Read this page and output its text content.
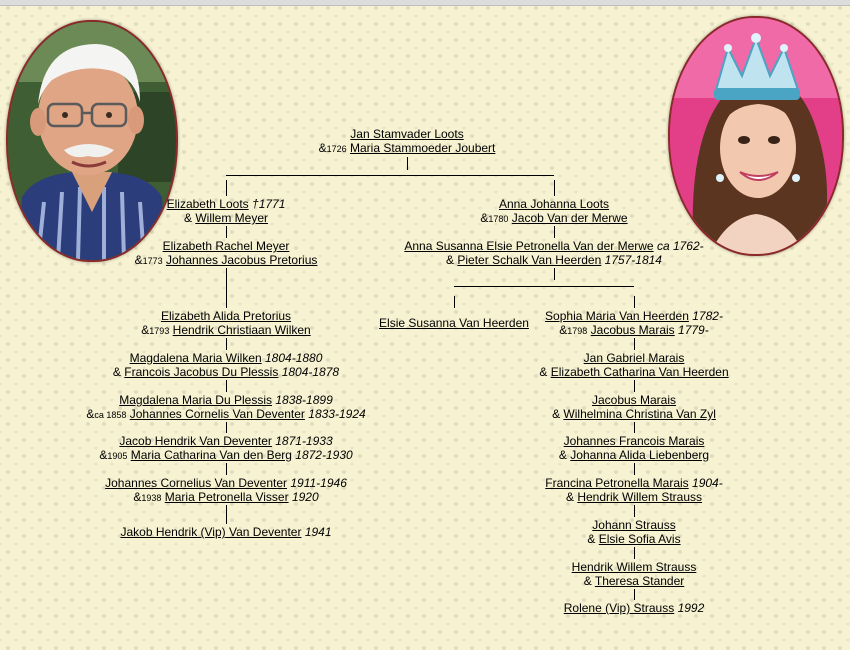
Jan Stamvader Loots
&1726 Maria Stammoeder Joubert
Elizabeth Loots †1771
& Willem Meyer
Elizabeth Rachel Meyer
&1773 Johannes Jacobus Pretorius
Elizabeth Alida Pretorius
&1793 Hendrik Christiaan Wilken
Magdalena Maria Wilken 1804-1880
& Francois Jacobus Du Plessis 1804-1878
Magdalena Maria Du Plessis 1838-1899
&ca 1858 Johannes Cornelis Van Deventer 1833-1924
Jacob Hendrik Van Deventer 1871-1933
&1905 Maria Catharina Van den Berg 1872-1930
Johannes Cornelius Van Deventer 1911-1946
&1938 Maria Petronella Visser 1920
Jakob Hendrik (Vip) Van Deventer 1941
Anna Johanna Loots
&1780 Jacob Van der Merwe
Anna Susanna Elsie Petronella Van der Merwe ca 1762-
& Pieter Schalk Van Heerden 1757-1814
Elsie Susanna Van Heerden Sophia Maria Van Heerden 1782-
&1798 Jacobus Marais 1779-
Jan Gabriel Marais
& Elizabeth Catharina Van Heerden
Jacobus Marais
& Wilhelmina Christina Van Zyl
Johannes Francois Marais
& Johanna Alida Liebenberg
Francina Petronella Marais 1904-
& Hendrik Willem Strauss
Johann Strauss
& Elsie Sofia Avis
Hendrik Willem Strauss
& Theresa Stander
Rolene (Vip) Strauss 1992
